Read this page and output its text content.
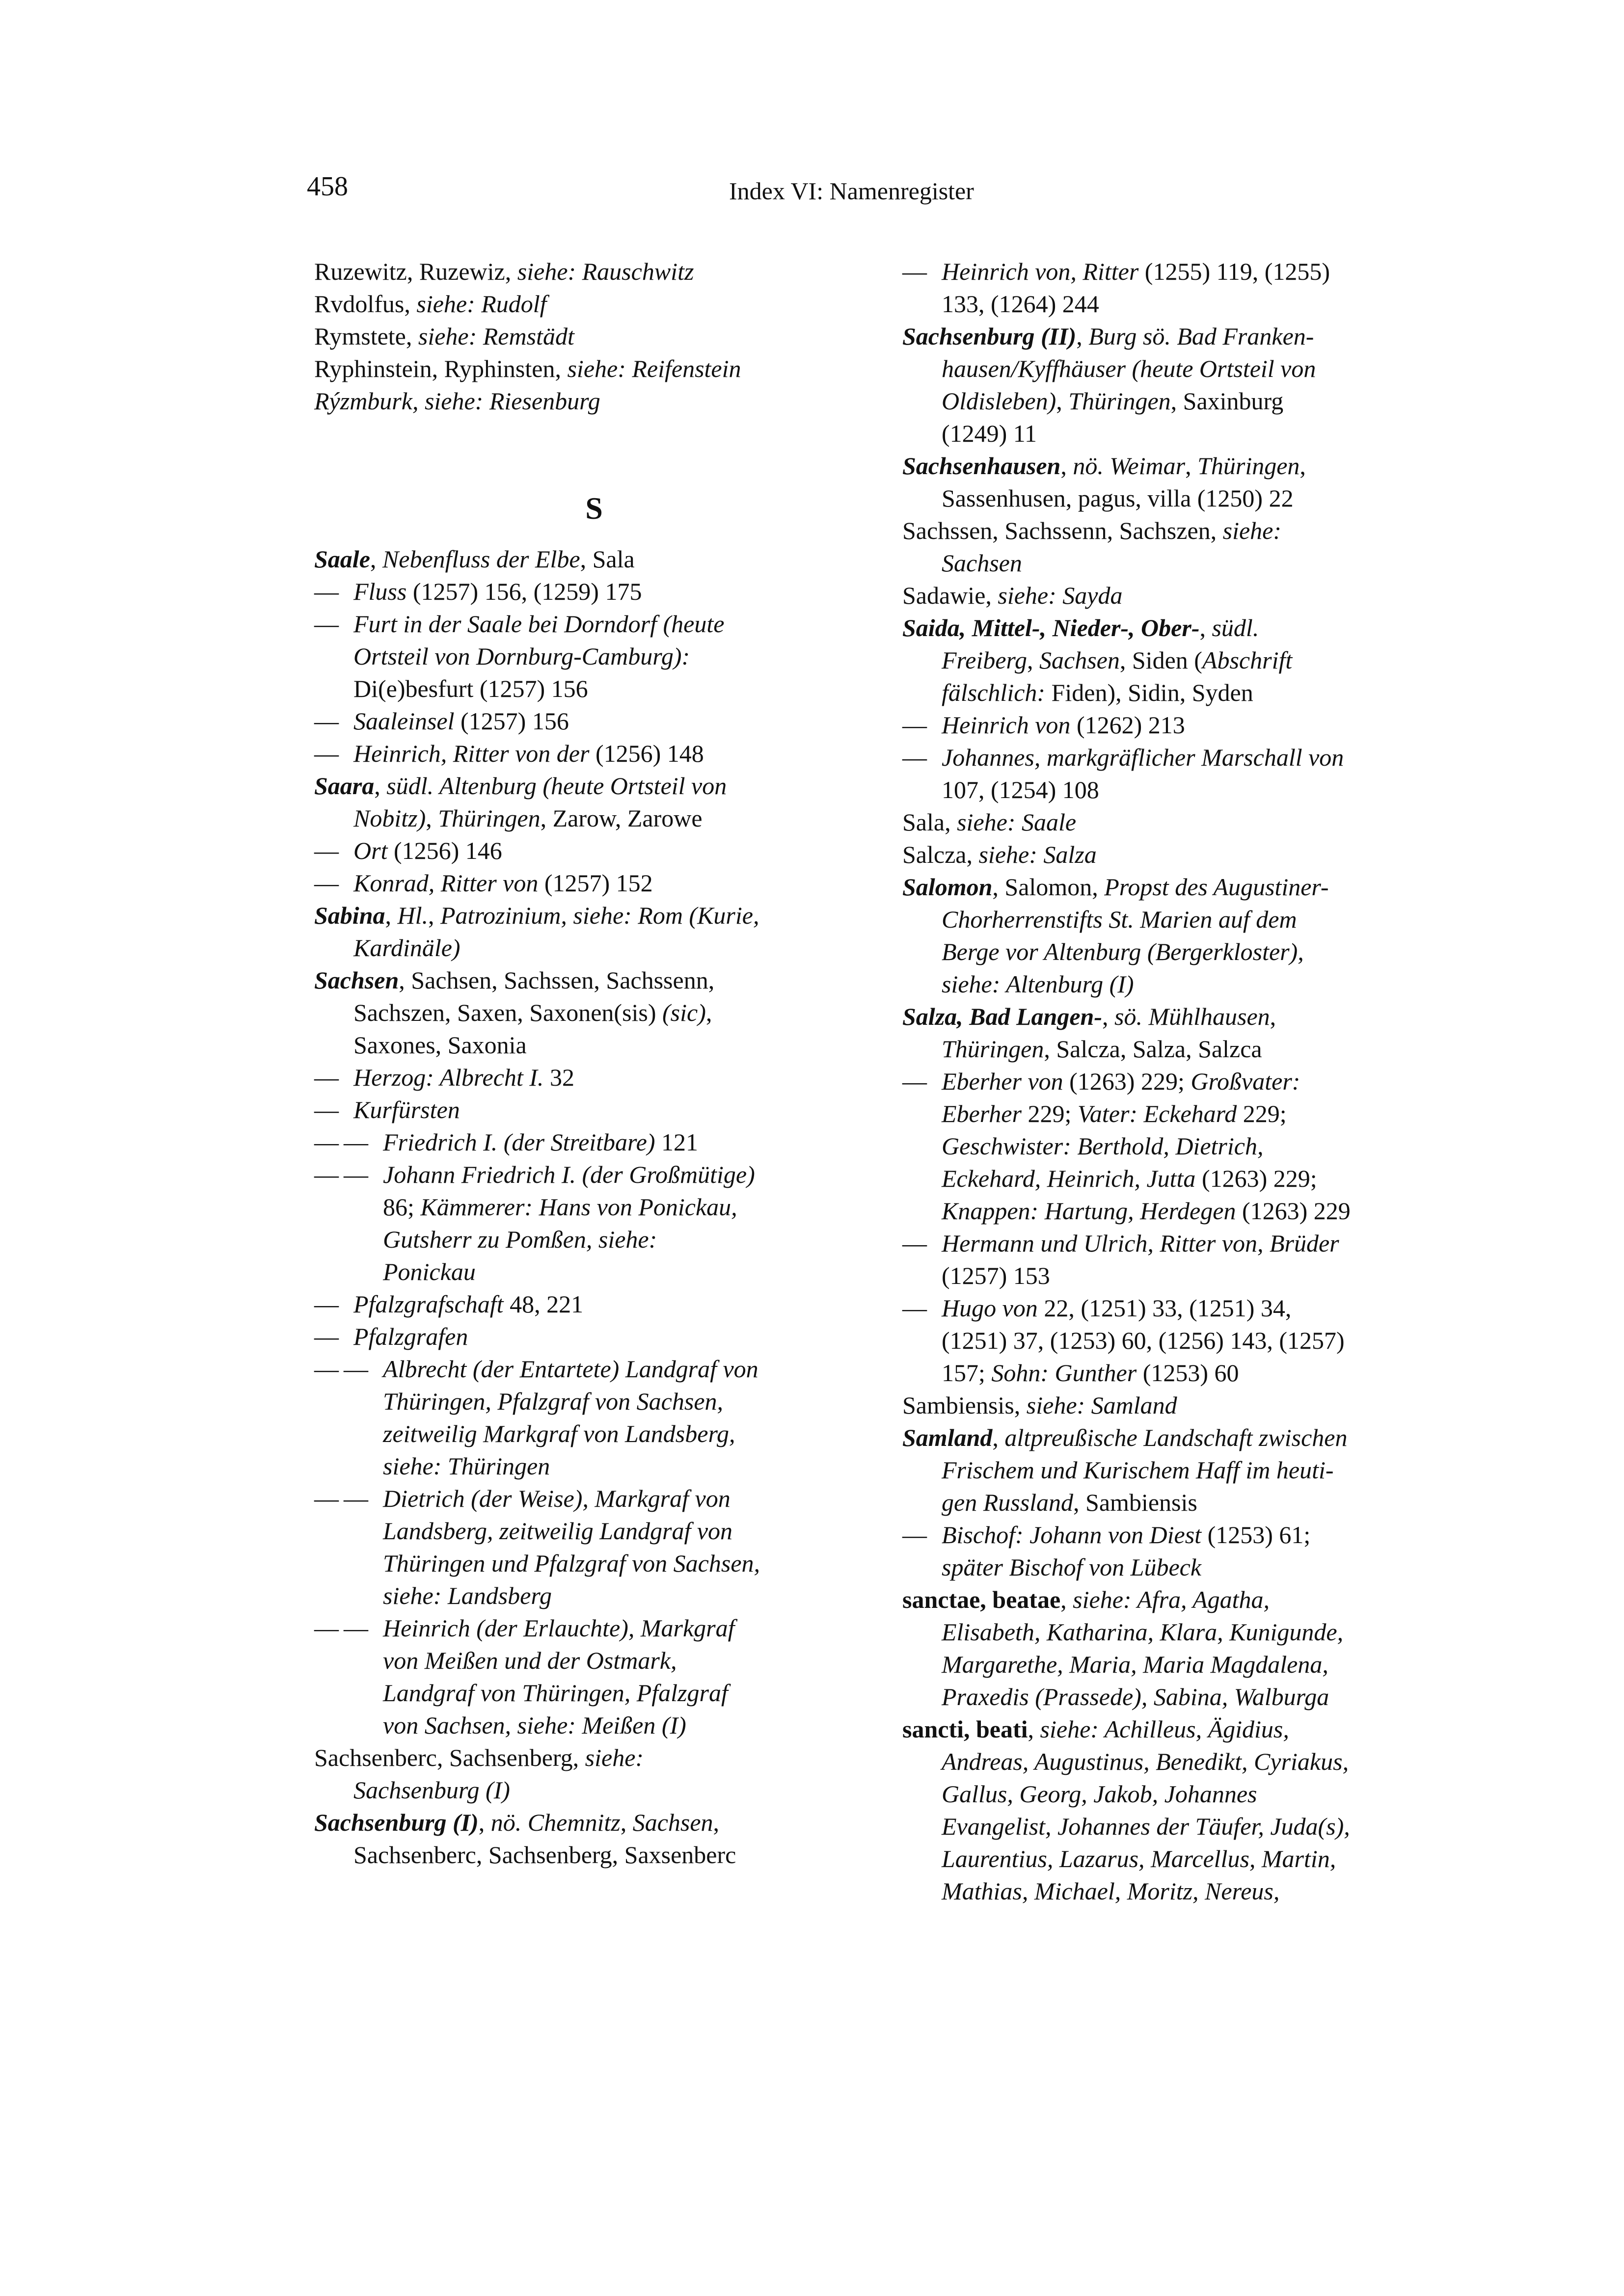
458	Index VI: Namenregister
Ruzewitz, Ruzewiz, siehe: Rauschwitz
Rvdolfus, siehe: Rudolf
Rymstete, siehe: Remstädt
Ryphinstein, Ryphinsten, siehe: Reifenstein
Rýzmburk, siehe: Riesenburg
S
Saale, Nebenfluss der Elbe, Sala
— Fluss (1257) 156, (1259) 175
— Furt in der Saale bei Dorndorf (heute
Ortsteil von Dornburg-Camburg):
Di(e)besfurt (1257) 156
— Saaleinsel (1257) 156
— Heinrich, Ritter von der (1256) 148
Saara, südl. Altenburg (heute Ortsteil von
Nobitz), Thüringen, Zarow, Zarowe
— Ort (1256) 146
— Konrad, Ritter von (1257) 152
Sabina, Hl., Patrozinium, siehe: Rom (Kurie,
Kardinäle)
Sachsen, Sachsen, Sachssen, Sachssenn,
Sachszen, Saxen, Saxonen(sis) (sic),
Saxones, Saxonia
— Herzog: Albrecht I. 32
— Kurfürsten
— — Friedrich I. (der Streitbare) 121
— — Johann Friedrich I. (der Großmütige)
86; Kämmerer: Hans von Ponickau,
Gutsherr zu Pomßen, siehe:
Ponickau
— Pfalzgrafschaft 48, 221
— Pfalzgrafen
— — Albrecht (der Entartete) Landgraf von
Thüringen, Pfalzgraf von Sachsen,
zeitweilig Markgraf von Landsberg,
siehe: Thüringen
— — Dietrich (der Weise), Markgraf von
Landsberg, zeitweilig Landgraf von
Thüringen und Pfalzgraf von Sachsen,
siehe: Landsberg
— — Heinrich (der Erlauchte), Markgraf
von Meißen und der Ostmark,
Landgraf von Thüringen, Pfalzgraf
von Sachsen, siehe: Meißen (I)
Sachsenberc, Sachsenberg, siehe:
Sachsenburg (I)
Sachsenburg (I), nö. Chemnitz, Sachsen,
Sachsenberc, Sachsenberg, Saxsenberc
— Heinrich von, Ritter (1255) 119, (1255)
133, (1264) 244
Sachsenburg (II), Burg sö. Bad Franken-
hausen/Kyffhäuser (heute Ortsteil von
Oldisleben), Thüringen, Saxinburg
(1249) 11
Sachsenhausen, nö. Weimar, Thüringen,
Sassenhusen, pagus, villa (1250) 22
Sachssen, Sachssenn, Sachszen, siehe:
Sachsen
Sadawie, siehe: Sayda
Saida, Mittel-, Nieder-, Ober-, südl.
Freiberg, Sachsen, Siden (Abschrift
fälschlich: Fiden), Sidin, Syden
— Heinrich von (1262) 213
— Johannes, markgräflicher Marschall von
107, (1254) 108
Sala, siehe: Saale
Salcza, siehe: Salza
Salomon, Salomon, Propst des Augustiner-
Chorherrenstifts St. Marien auf dem
Berge vor Altenburg (Bergerkloster),
siehe: Altenburg (I)
Salza, Bad Langen-, sö. Mühlhausen,
Thüringen, Salcza, Salza, Salzca
— Eberher von (1263) 229; Großvater:
Eberher 229; Vater: Eckehard 229;
Geschwister: Berthold, Dietrich,
Eckehard, Heinrich, Jutta (1263) 229;
Knappen: Hartung, Herdegen (1263) 229
— Hermann und Ulrich, Ritter von, Brüder
(1257) 153
— Hugo von 22, (1251) 33, (1251) 34,
(1251) 37, (1253) 60, (1256) 143, (1257)
157; Sohn: Gunther (1253) 60
Sambiensis, siehe: Samland
Samland, altpreußische Landschaft zwischen
Frischem und Kurischem Haff im heuti-
gen Russland, Sambiensis
— Bischof: Johann von Diest (1253) 61;
später Bischof von Lübeck
sanctae, beatae, siehe: Afra, Agatha,
Elisabeth, Katharina, Klara, Kunigunde,
Margarethe, Maria, Maria Magdalena,
Praxedis (Prassede), Sabina, Walburga
sancti, beati, siehe: Achilleus, Ägidius,
Andreas, Augustinus, Benedikt, Cyriakus,
Gallus, Georg, Jakob, Johannes
Evangelist, Johannes der Täufer, Juda(s),
Laurentius, Lazarus, Marcellus, Martin,
Mathias, Michael, Moritz, Nereus,
